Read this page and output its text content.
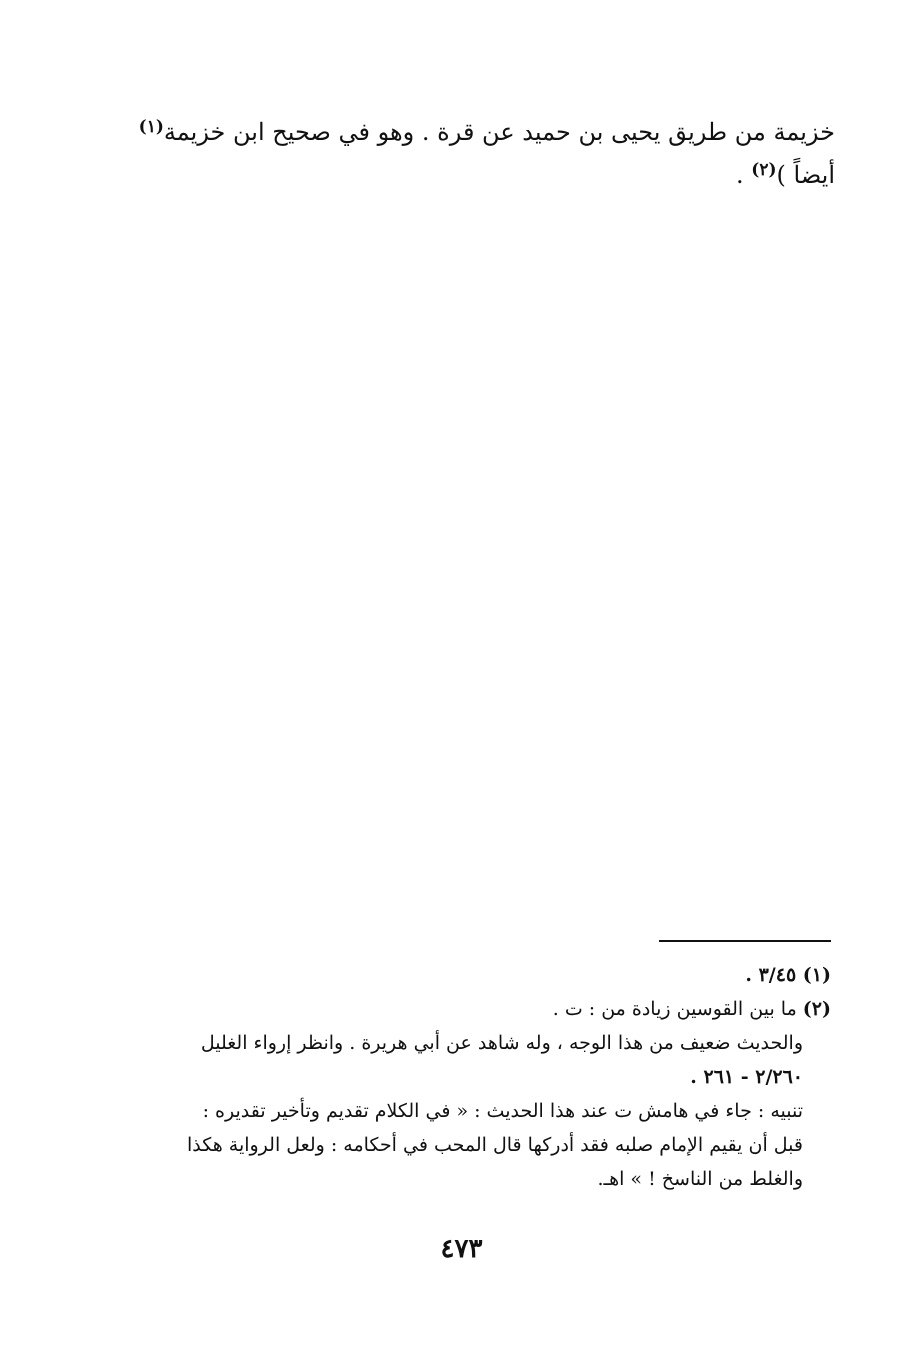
خزيمة من طريق يحيى بن حميد عن قرة . وهو في صحيح ابن خزيمة$^{(١)}$
أيضاً )$^{(٢)}$ .
(١) ٣/٤٥ .
(٢) ما بين القوسين زيادة من : ت .
والحديث ضعيف من هذا الوجه ، وله شاهد عن أبي هريرة . وانظر إرواء الغليل
٢/٢٦٠ - ٢٦١ .
تنبيه : جاء في هامش ت عند هذا الحديث : « في الكلام تقديم وتأخير تقديره :
قبل أن يقيم الإمام صلبه فقد أدركها قال المحب في أحكامه : ولعل الرواية هكذا
والغلط من الناسخ ! » اهـ.
٤٧٣
